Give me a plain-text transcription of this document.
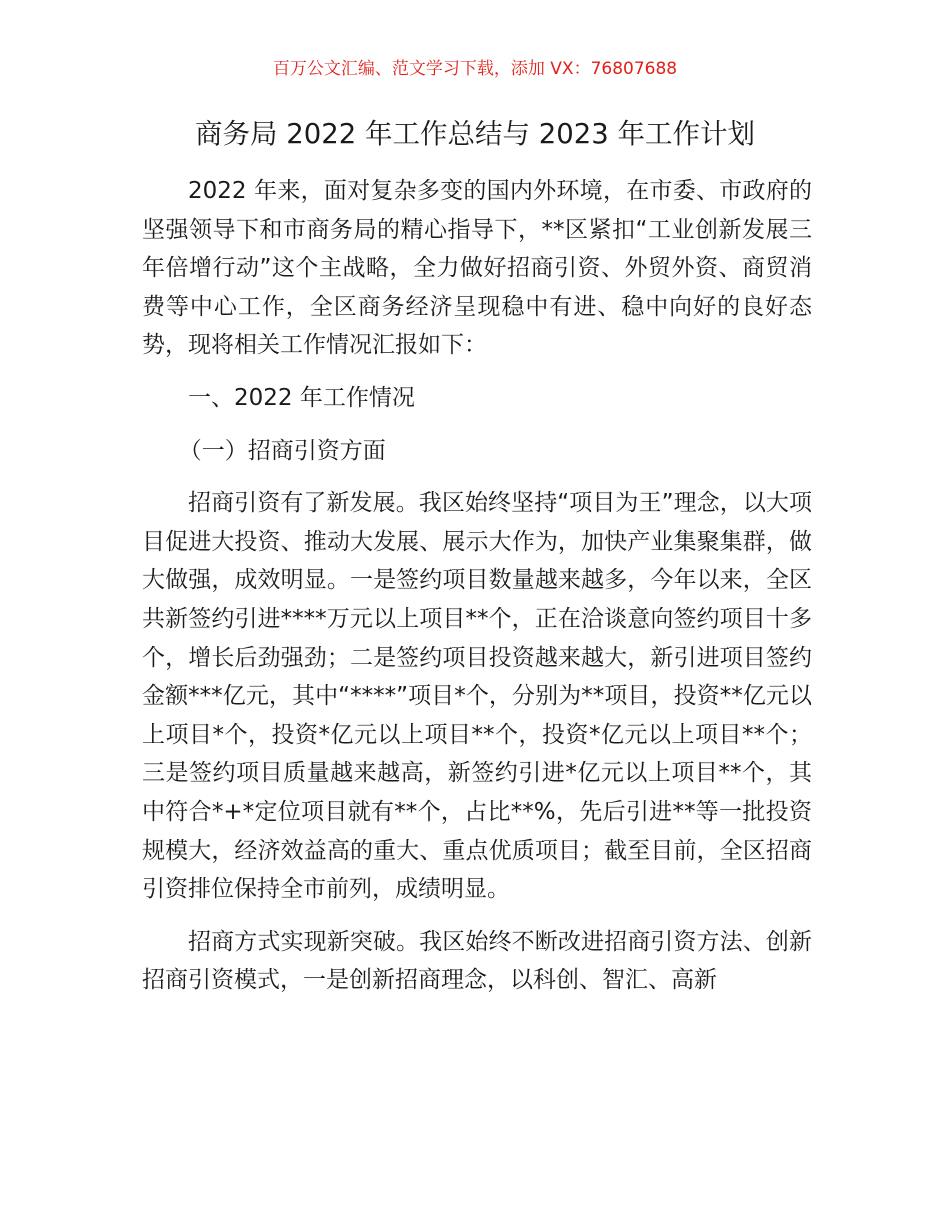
百万公文汇编、范文学习下载，添加 VX：76807688
商务局 2022 年工作总结与 2023 年工作计划

2022 年来，面对复杂多变的国内外环境，在市委、市政府的坚强领导下和市商务局的精心指导下，**区紧扣“工业创新发展三年倍增行动”这个主战略，全力做好招商引资、外贸外资、商贸消费等中心工作，全区商务经济呈现稳中有进、稳中向好的良好态势，现将相关工作情况汇报如下：

一、2022 年工作情况

（一）招商引资方面

招商引资有了新发展。我区始终坚持“项目为王”理念，以大项目促进大投资、推动大发展、展示大作为，加快产业集聚集群，做大做强，成效明显。一是签约项目数量越来越多，今年以来，全区共新签约引进****万元以上项目**个，正在洽谈意向签约项目十多个，增长后劲强劲；二是签约项目投资越来越大，新引进项目签约金额***亿元，其中“****”项目*个，分别为**项目，投资**亿元以上项目*个，投资*亿元以上项目**个，投资*亿元以上项目**个；三是签约项目质量越来越高，新签约引进*亿元以上项目**个，其中符合*+*定位项目就有**个，占比**%，先后引进**等一批投资规模大，经济效益高的重大、重点优质项目；截至目前，全区招商引资排位保持全市前列，成绩明显。

招商方式实现新突破。我区始终不断改进招商引资方法、创新招商引资模式，一是创新招商理念，以科创、智汇、高新
